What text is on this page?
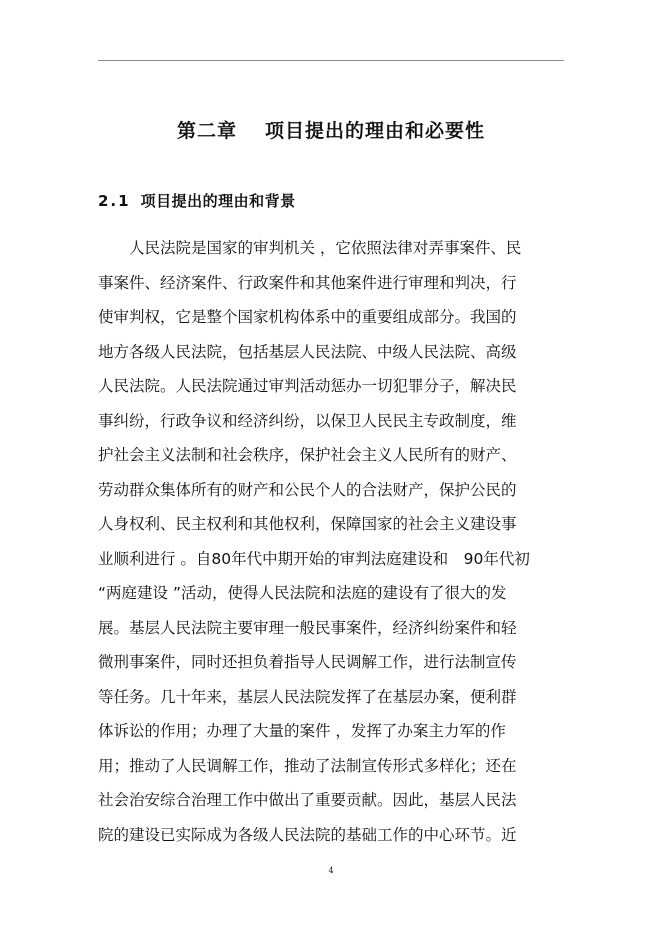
第二章 项目提出的理由和必要性
2.1 项目提出的理由和背景
人民法院是国家的审判机关 ，它依照法律对弄事案件、民
事案件、经济案件、行政案件和其他案件进行审理和判决，行
使审判权，它是整个国家机构体系中的重要组成部分。我国的
地方各级人民法院，包括基层人民法院、中级人民法院、高级
人民法院。人民法院通过审判活动惩办一切犯罪分子，解决民
事纠纷，行政争议和经济纠纷，以保卫人民民主专政制度，维
护社会主义法制和社会秩序，保护社会主义人民所有的财产、
劳动群众集体所有的财产和公民个人的合法财产，保护公民的
人身权利、民主权利和其他权利，保障国家的社会主义建设事
业顺利进行 。自80年代中期开始的审判法庭建设和　90年代初
“两庭建设 ”活动，使得人民法院和法庭的建设有了很大的发
展。基层人民法院主要审理一般民事案件，经济纠纷案件和轻
微刑事案件，同时还担负着指导人民调解工作，进行法制宣传
等任务。几十年来，基层人民法院发挥了在基层办案，便利群
体诉讼的作用；办理了大量的案件 ，发挥了办案主力军的作
用；推动了人民调解工作，推动了法制宣传形式多样化；还在
社会治安综合治理工作中做出了重要贡献。因此，基层人民法
院的建设已实际成为各级人民法院的基础工作的中心环节。近

4
